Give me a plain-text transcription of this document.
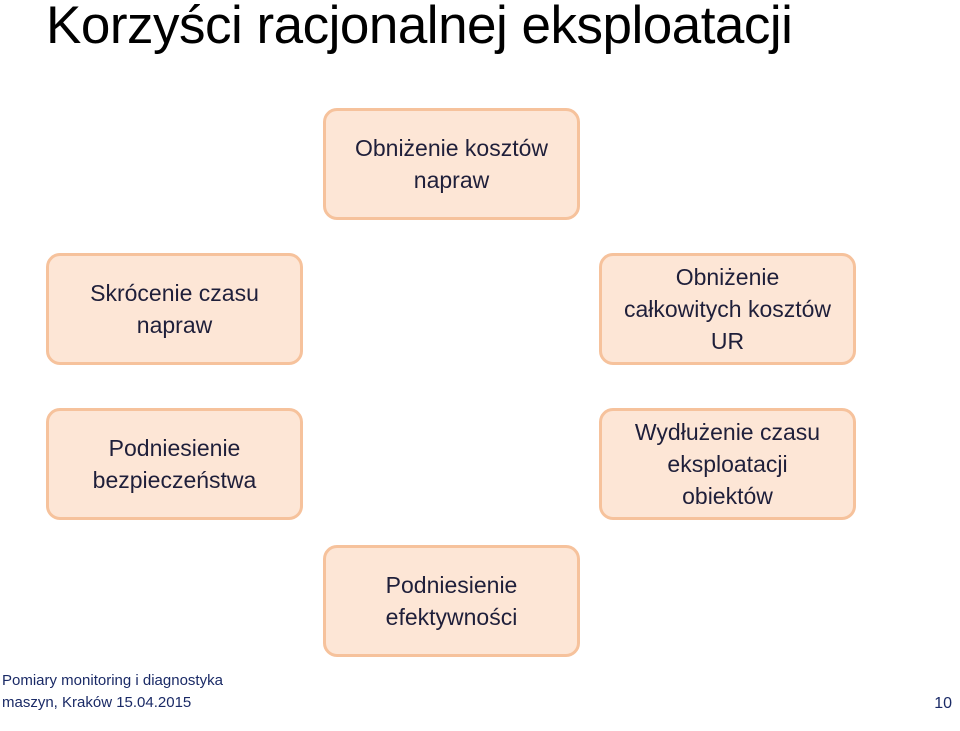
Korzyści racjonalnej eksploatacji
Obniżenie kosztów napraw
Skrócenie czasu napraw
Obniżenie całkowitych kosztów UR
Podniesienie bezpieczeństwa
Wydłużenie czasu eksploatacji obiektów
Podniesienie efektywności
Pomiary monitoring i diagnostyka maszyn, Kraków 15.04.2015	10
